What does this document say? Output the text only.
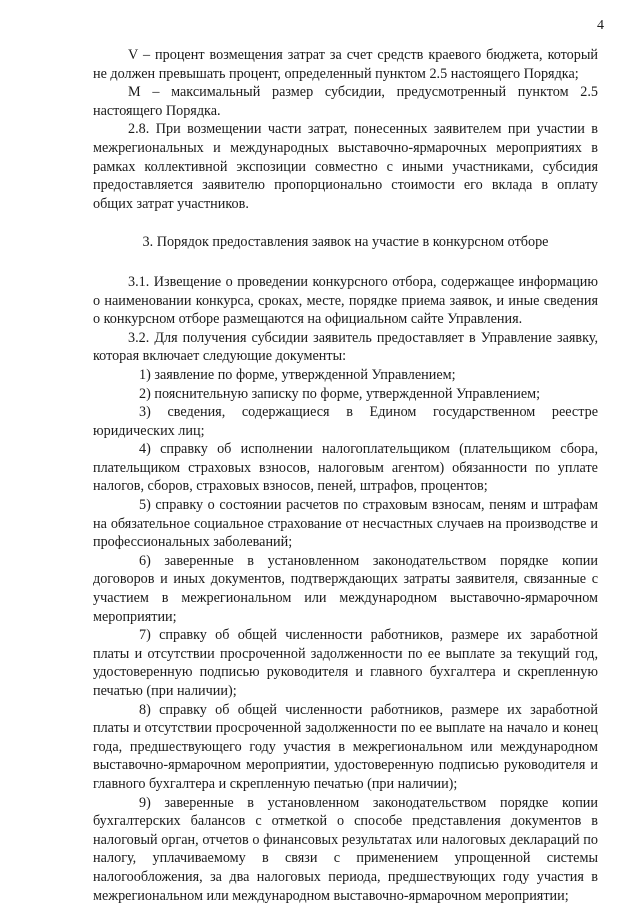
4

V – процент возмещения затрат за счет средств краевого бюджета, который не должен превышать процент, определенный пунктом 2.5 настоящего Порядка;

M – максимальный размер субсидии, предусмотренный пунктом 2.5 настоящего Порядка.

2.8. При возмещении части затрат, понесенных заявителем при участии в межрегиональных и международных выставочно-ярмарочных мероприятиях в рамках коллективной экспозиции совместно с иными участниками, субсидия предоставляется заявителю пропорционально стоимости его вклада в оплату общих затрат участников.

3. Порядок предоставления заявок на участие в конкурсном отборе

3.1. Извещение о проведении конкурсного отбора, содержащее информацию о наименовании конкурса, сроках, месте, порядке приема заявок, и иные сведения о конкурсном отборе размещаются на официальном сайте Управления.

3.2. Для получения субсидии заявитель предоставляет в Управление заявку, которая включает следующие документы:

1) заявление по форме, утвержденной Управлением;

2) пояснительную записку по форме, утвержденной Управлением;

3) сведения, содержащиеся в Едином государственном реестре юридических лиц;

4) справку об исполнении налогоплательщиком (плательщиком сбора, плательщиком страховых взносов, налоговым агентом) обязанности по уплате налогов, сборов, страховых взносов, пеней, штрафов, процентов;

5) справку о состоянии расчетов по страховым взносам, пеням и штрафам на обязательное социальное страхование от несчастных случаев на производстве и профессиональных заболеваний;

6) заверенные в установленном законодательством порядке копии договоров и иных документов, подтверждающих затраты заявителя, связанные с участием в межрегиональном или международном выставочно-ярмарочном мероприятии;

7) справку об общей численности работников, размере их заработной платы и отсутствии просроченной задолженности по ее выплате за текущий год, удостоверенную подписью руководителя и главного бухгалтера и скрепленную печатью (при наличии);

8) справку об общей численности работников, размере их заработной платы и отсутствии просроченной задолженности по ее выплате на начало и конец года, предшествующего году участия в межрегиональном или международном выставочно-ярмарочном мероприятии, удостоверенную подписью руководителя и главного бухгалтера и скрепленную печатью (при наличии);

9) заверенные в установленном законодательством порядке копии бухгалтерских балансов с отметкой о способе представления документов в налоговый орган, отчетов о финансовых результатах или налоговых деклараций по налогу, уплачиваемому в связи с применением упрощенной системы налогообложения, за два налоговых периода, предшествующих году участия в межрегиональном или международном выставочно-ярмарочном мероприятии;
